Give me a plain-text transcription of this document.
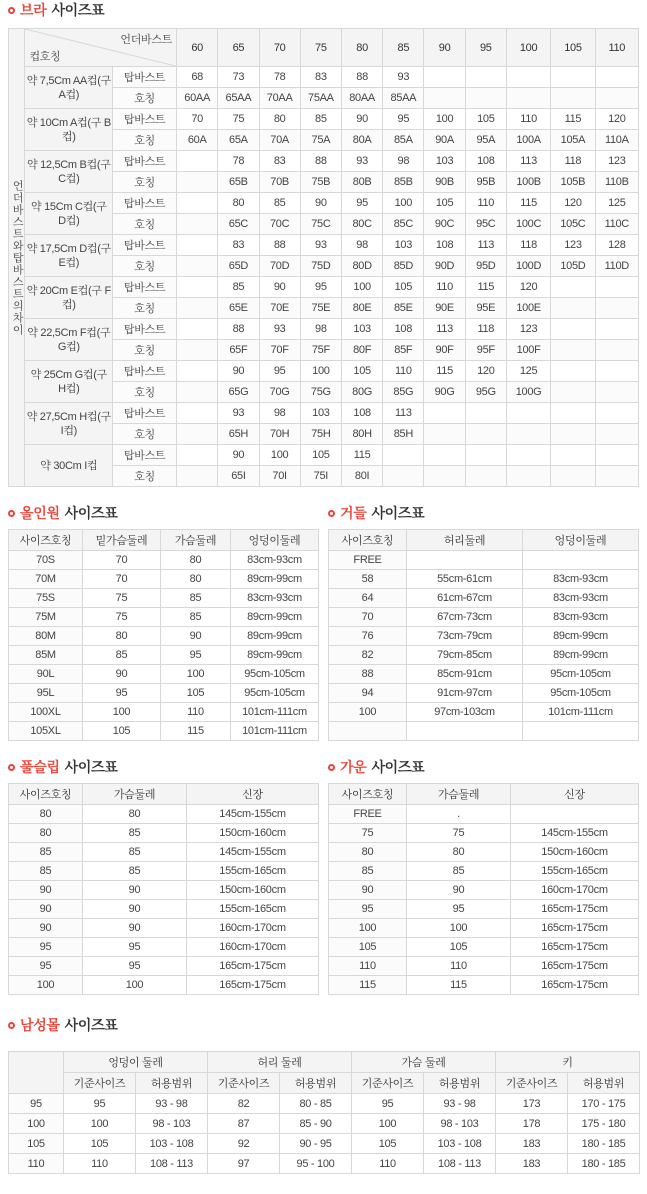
브라 사이즈표
언더바스트와탑바스트의차이	언더바스트
컵호칭		60	65	70	75	80	85	90	95	100	105	110
	약 7,5Cm AA컵(구 A컵)	탑바스트	68	73	78	83	88	93					
		호칭	60AA	65AA	70AA	75AA	80AA	85AA					
	약 10Cm A컵(구 B컵)	탑바스트	70	75	80	85	90	95	100	105	110	115	120
		호칭	60A	65A	70A	75A	80A	85A	90A	95A	100A	105A	110A
	약 12,5Cm B컵(구 C컵)	탑바스트		78	83	88	93	98	103	108	113	118	123
		호칭		65B	70B	75B	80B	85B	90B	95B	100B	105B	110B
	약 15Cm C컵(구 D컵)	탑바스트		80	85	90	95	100	105	110	115	120	125
		호칭		65C	70C	75C	80C	85C	90C	95C	100C	105C	110C
	약 17,5Cm D컵(구 E컵)	탑바스트		83	88	93	98	103	108	113	118	123	128
		호칭		65D	70D	75D	80D	85D	90D	95D	100D	105D	110D
	약 20Cm E컵(구 F컵)	탑바스트		85	90	95	100	105	110	115	120		
		호칭		65E	70E	75E	80E	85E	90E	95E	100E		
	약 22,5Cm F컵(구 G컵)	탑바스트		88	93	98	103	108	113	118	123		
		호칭		65F	70F	75F	80F	85F	90F	95F	100F		
	약 25Cm G컵(구 H컵)	탑바스트		90	95	100	105	110	115	120	125		
		호칭		65G	70G	75G	80G	85G	90G	95G	100G		
	약 27,5Cm H컵(구 I컵)	탑바스트		93	98	103	108	113					
		호칭		65H	70H	75H	80H	85H					
	약 30Cm I컵	탑바스트		90	100	105	115						
		호칭		65I	70I	75I	80I						
올인원 사이즈표
사이즈호칭	밑가슴둘레	가슴둘레	엉덩이둘레
70S	70	80	83cm-93cm
70M	70	80	89cm-99cm
75S	75	85	83cm-93cm
75M	75	85	89cm-99cm
80M	80	90	89cm-99cm
85M	85	95	89cm-99cm
90L	90	100	95cm-105cm
95L	95	105	95cm-105cm
100XL	100	110	101cm-111cm
105XL	105	115	101cm-111cm
거들 사이즈표
사이즈호칭	허리둘레	엉덩이둘레
FREE		
58	55cm-61cm	83cm-93cm
64	61cm-67cm	83cm-93cm
70	67cm-73cm	83cm-93cm
76	73cm-79cm	89cm-99cm
82	79cm-85cm	89cm-99cm
88	85cm-91cm	95cm-105cm
94	91cm-97cm	95cm-105cm
100	97cm-103cm	101cm-111cm

풀슬립 사이즈표
사이즈호칭	가슴둘레	신장
80	80	145cm-155cm
80	85	150cm-160cm
85	85	145cm-155cm
85	85	155cm-165cm
90	90	150cm-160cm
90	90	155cm-165cm
90	90	160cm-170cm
95	95	160cm-170cm
95	95	165cm-175cm
100	100	165cm-175cm
가운 사이즈표
사이즈호칭	가슴둘레	신장
FREE	.	
75	75	145cm-155cm
80	80	150cm-160cm
85	85	155cm-165cm
90	90	160cm-170cm
95	95	165cm-175cm
100	100	165cm-175cm
105	105	165cm-175cm
110	110	165cm-175cm
115	115	165cm-175cm
남성몰 사이즈표
	엉덩이 둘레		허리 둘레		가슴 둘레		키	
	기준사이즈	허용범위	기준사이즈	허용범위	기준사이즈	허용범위	기준사이즈	허용범위
95	95	93 - 98	82	80 - 85	95	93 - 98	173	170 - 175
100	100	98 - 103	87	85 - 90	100	98 - 103	178	175 - 180
105	105	103 - 108	92	90 - 95	105	103 - 108	183	180 - 185
110	110	108 - 113	97	95 - 100	110	108 - 113	183	180 - 185
